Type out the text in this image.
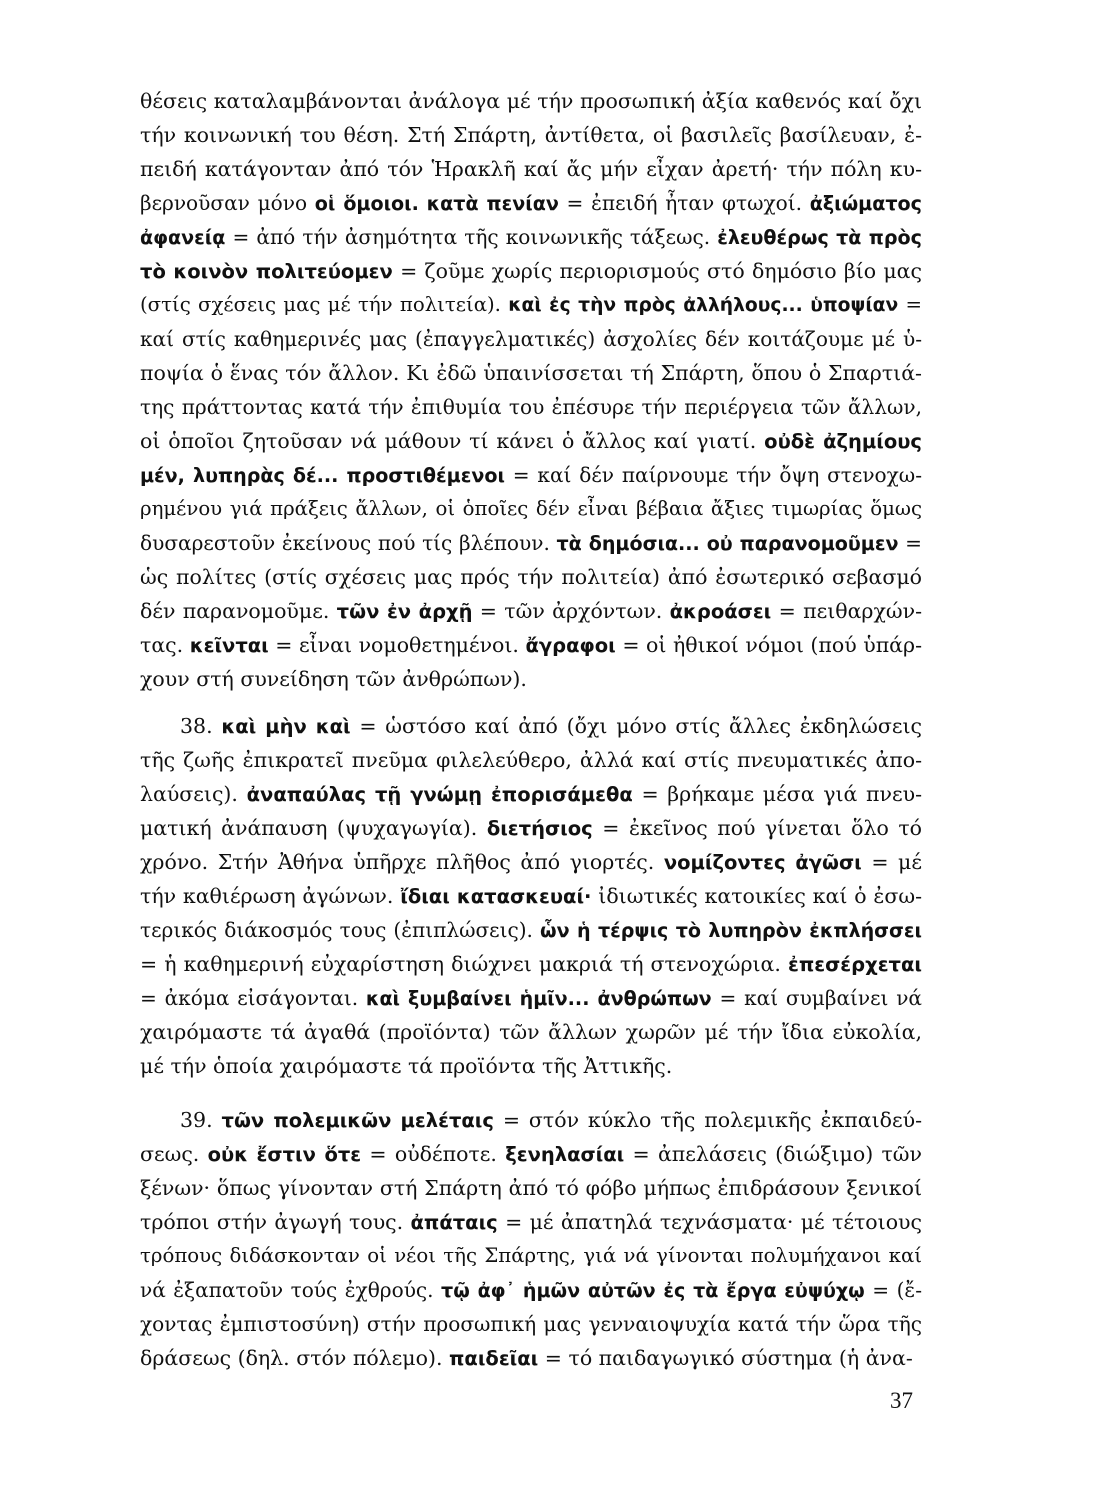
θέσεις καταλαμβάνονται ἀνάλογα μέ τήν προσωπική ἀξία καθενός καί ὄχι
τήν κοινωνική του θέση. Στή Σπάρτη, ἀντίθετα, οἱ βασιλεῖς βασίλευαν, ἐ-
πειδή κατάγονταν ἀπό τόν Ἡρακλῆ καί ἄς μήν εἶχαν ἀρετή· τήν πόλη κυ-
βερνοῦσαν μόνο οἱ ὅμοιοι. κατὰ πενίαν = ἐπειδή ἦταν φτωχοί. ἀξιώματος
ἀφανείᾳ = ἀπό τήν ἀσημότητα τῆς κοινωνικῆς τάξεως. ἐλευθέρως τὰ πρὸς
τὸ κοινὸν πολιτεύομεν = ζοῦμε χωρίς περιορισμούς στό δημόσιο βίο μας
(στίς σχέσεις μας μέ τήν πολιτεία). καὶ ἐς τὴν πρὸς ἀλλήλους... ὑποψίαν =
καί στίς καθημερινές μας (ἐπαγγελματικές) ἀσχολίες δέν κοιτάζουμε μέ ὑ-
ποψία ὁ ἕνας τόν ἄλλον. Κι ἐδῶ ὑπαινίσσεται τή Σπάρτη, ὅπου ὁ Σπαρτιά-
της πράττοντας κατά τήν ἐπιθυμία του ἐπέσυρε τήν περιέργεια τῶν ἄλλων,
οἱ ὁποῖοι ζητοῦσαν νά μάθουν τί κάνει ὁ ἄλλος καί γιατί. οὐδὲ ἀζημίους
μέν, λυπηρὰς δέ... προστιθέμενοι = καί δέν παίρνουμε τήν ὄψη στενοχω-
ρημένου γιά πράξεις ἄλλων, οἱ ὁποῖες δέν εἶναι βέβαια ἄξιες τιμωρίας ὅμως
δυσαρεστοῦν ἐκείνους πού τίς βλέπουν. τὰ δημόσια... οὐ παρανομοῦμεν =
ὡς πολίτες (στίς σχέσεις μας πρός τήν πολιτεία) ἀπό ἐσωτερικό σεβασμό
δέν παρανομοῦμε. τῶν ἐν ἀρχῇ = τῶν ἀρχόντων. ἀκροάσει = πειθαρχών-
τας. κεῖνται = εἶναι νομοθετημένοι. ἄγραφοι = οἱ ἠθικοί νόμοι (πού ὑπάρ-
χουν στή συνείδηση τῶν ἀνθρώπων).
38. καὶ μὴν καὶ = ὡστόσο καί ἀπό (ὄχι μόνο στίς ἄλλες ἐκδηλώσεις
τῆς ζωῆς ἐπικρατεῖ πνεῦμα φιλελεύθερο, ἀλλά καί στίς πνευματικές ἀπο-
λαύσεις). ἀναπαύλας τῇ γνώμῃ ἐπορισάμεθα = βρήκαμε μέσα γιά πνευ-
ματική ἀνάπαυση (ψυχαγωγία). διετήσιος = ἐκεῖνος πού γίνεται ὅλο τό
χρόνο. Στήν Ἀθήνα ὑπῆρχε πλῆθος ἀπό γιορτές. νομίζοντες ἀγῶσι = μέ
τήν καθιέρωση ἀγώνων. ἴδιαι κατασκευαί· ἰδιωτικές κατοικίες καί ὁ ἐσω-
τερικός διάκοσμός τους (ἐπιπλώσεις). ὧν ἡ τέρψις τὸ λυπηρὸν ἐκπλήσσει
= ἡ καθημερινή εὐχαρίστηση διώχνει μακριά τή στενοχώρια. ἐπεσέρχεται
= ἀκόμα εἰσάγονται. καὶ ξυμβαίνει ἡμῖν... ἀνθρώπων = καί συμβαίνει νά
χαιρόμαστε τά ἀγαθά (προϊόντα) τῶν ἄλλων χωρῶν μέ τήν ἴδια εὐκολία,
μέ τήν ὁποία χαιρόμαστε τά προϊόντα τῆς Ἀττικῆς.
39. τῶν πολεμικῶν μελέταις = στόν κύκλο τῆς πολεμικῆς ἐκπαιδεύ-
σεως. οὐκ ἔστιν ὅτε = οὐδέποτε. ξενηλασίαι = ἀπελάσεις (διώξιμο) τῶν
ξένων· ὅπως γίνονταν στή Σπάρτη ἀπό τό φόβο μήπως ἐπιδράσουν ξενικοί
τρόποι στήν ἀγωγή τους. ἀπάταις = μέ ἀπατηλά τεχνάσματα· μέ τέτοιους
τρόπους διδάσκονταν οἱ νέοι τῆς Σπάρτης, γιά νά γίνονται πολυμήχανοι καί
νά ἐξαπατοῦν τούς ἐχθρούς. τῷ ἀφ᾽ ἡμῶν αὐτῶν ἐς τὰ ἔργα εὐψύχῳ = (ἔ-
χοντας ἐμπιστοσύνη) στήν προσωπική μας γενναιοψυχία κατά τήν ὥρα τῆς
δράσεως (δηλ. στόν πόλεμο). παιδεῖαι = τό παιδαγωγικό σύστημα (ἡ ἀνα-
37
